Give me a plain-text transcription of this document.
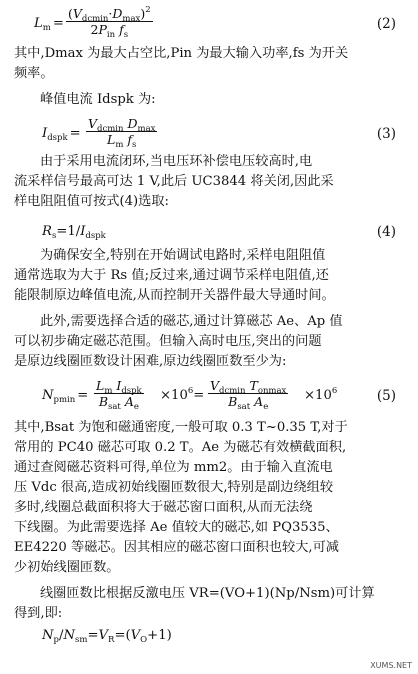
$L_m$ =
$(V_{dcmin}\cdot D_{max})^2$
$2P_{in}$ $f_s$
(2)
其中,Dmax 为最大占空比,Pin 为最大输入功率,fs 为开关
频率。
峰值电流 Idspk 为:
$I_{dspk}$ =
$V_{dcmin}$ $D_{max}$
$L_m$ $f_s$
(3)
由于采用电流闭环,当电压环补偿电压较高时,电
流采样信号最高可达 1 V,此后 UC3844 将关闭,因此采
样电阻阻值可按式(4)选取:
$R_s=1/I_{dspk}$	(4)
为确保安全,特别在开始调试电路时,采样电阻阻值
通常选取为大于 Rs 值;反过来,通过调节采样电阻值,还
能限制原边峰值电流,从而控制开关器件最大导通时间。
此外,需要选择合适的磁芯,通过计算磁芯 Ae、Ap 值
可以初步确定磁芯范围。但输入高时电压,突出的问题
是原边线圈匝数设计困难,原边线圈匝数至少为:
$N_{pmin}$ =
$L_m$ $I_{dspk}$
$B_{sat}$ $A_e$
$\times 10^6=$
$V_{dcmin}$ $T_{onmax}$
$B_{sat}$ $A_e$
$\times 10^6$	(5)
其中,Bsat 为饱和磁通密度,一般可取 0.3 T~0.35 T,对于
常用的 PC40 磁芯可取 0.2 T。Ae 为磁芯有效横截面积,
通过查阅磁芯资料可得,单位为 mm2。由于输入直流电
压 Vdc 很高,造成初始线圈匝数很大,特别是副边绕组较
多时,线圈总截面积将大于磁芯窗口面积,从而无法绕
下线圈。为此需要选择 Ae 值较大的磁芯,如 PQ3535、
EE4220 等磁芯。因其相应的磁芯窗口面积也较大,可减
少初始线圈匝数。
线圈匝数比根据反激电压 VR=(VO+1)(Np/Nsm)可计算
得到,即:
$N_p/N_{sm}=V_R=(V_O+1)$
XUMS.NET
